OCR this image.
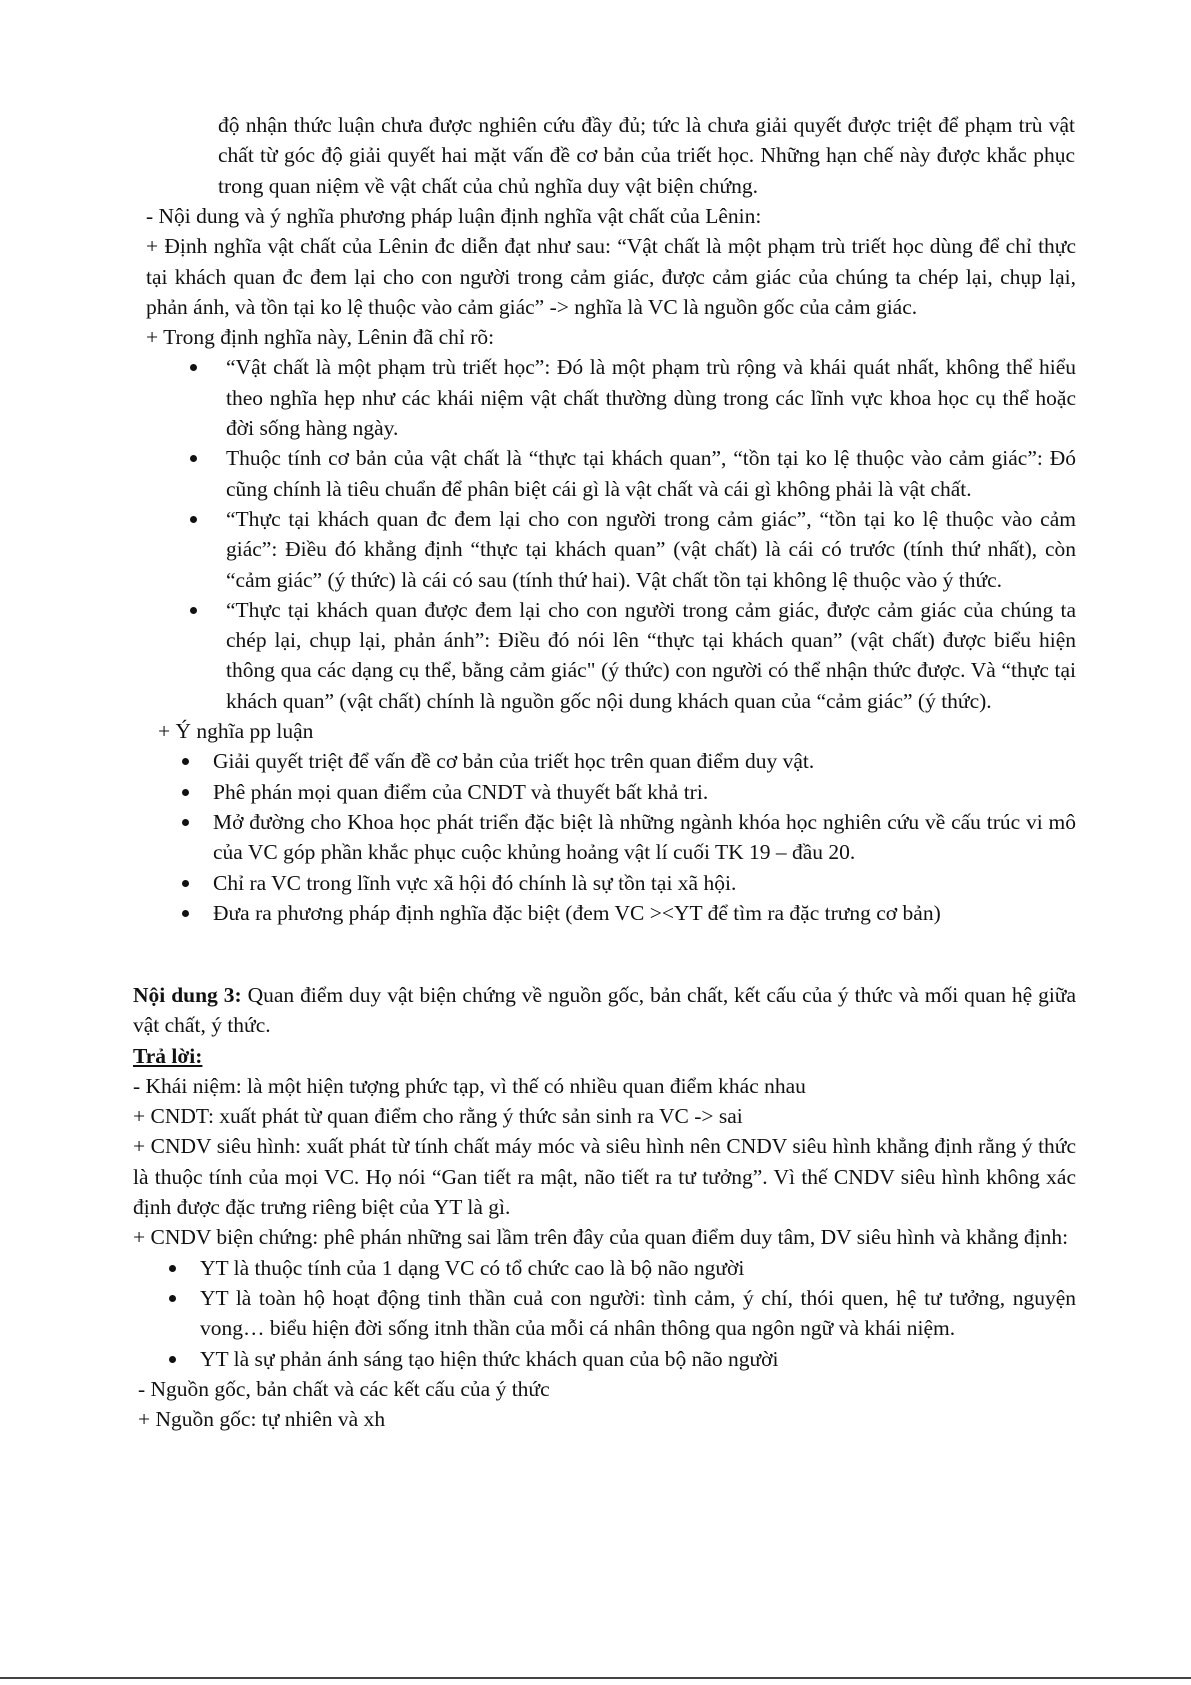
độ nhận thức luận chưa được nghiên cứu đầy đủ; tức là chưa giải quyết được triệt để phạm trù vật chất từ góc độ giải quyết hai mặt vấn đề cơ bản của triết học. Những hạn chế này được khắc phục trong quan niệm về vật chất của chủ nghĩa duy vật biện chứng.

- Nội dung và ý nghĩa phương pháp luận định nghĩa vật chất của Lênin:

+ Định nghĩa vật chất của Lênin đc diễn đạt như sau: “Vật chất là một phạm trù triết học dùng để chỉ thực tại khách quan đc đem lại cho con người trong cảm giác, được cảm giác của chúng ta chép lại, chụp lại, phản ánh, và tồn tại ko lệ thuộc vào cảm giác” -> nghĩa là VC là nguồn gốc của cảm giác.

+ Trong định nghĩa này, Lênin đã chỉ rõ:

“Vật chất là một phạm trù triết học”: Đó là một phạm trù rộng và khái quát nhất, không thể hiểu theo nghĩa hẹp như các khái niệm vật chất thường dùng trong các lĩnh vực khoa học cụ thể hoặc đời sống hàng ngày.
Thuộc tính cơ bản của vật chất là “thực tại khách quan”, “tồn tại ko lệ thuộc vào cảm giác”: Đó cũng chính là tiêu chuẩn để phân biệt cái gì là vật chất và cái gì không phải là vật chất.
“Thực tại khách quan đc đem lại cho con người trong cảm giác”, “tồn tại ko lệ thuộc vào cảm giác”: Điều đó khẳng định “thực tại khách quan” (vật chất) là cái có trước (tính thứ nhất), còn “cảm giác” (ý thức) là cái có sau (tính thứ hai). Vật chất tồn tại không lệ thuộc vào ý thức.
“Thực tại khách quan được đem lại cho con người trong cảm giác, được cảm giác của chúng ta chép lại, chụp lại, phản ánh”: Điều đó nói lên “thực tại khách quan” (vật chất) được biểu hiện thông qua các dạng cụ thể, bằng cảm giác" (ý thức) con người có thể nhận thức được. Và “thực tại khách quan” (vật chất) chính là nguồn gốc nội dung khách quan của “cảm giác” (ý thức).

+ Ý nghĩa pp luận

Giải quyết triệt để vấn đề cơ bản của triết học trên quan điểm duy vật.
Phê phán mọi quan điểm của CNDT và thuyết bất khả tri.
Mở đường cho Khoa học phát triển đặc biệt là những ngành khóa học nghiên cứu về cấu trúc vi mô của VC góp phần khắc phục cuộc khủng hoảng vật lí cuối TK 19 – đầu 20.
Chỉ ra VC trong lĩnh vực xã hội đó chính là sự tồn tại xã hội.
Đưa ra phương pháp định nghĩa đặc biệt (đem VC ><YT để tìm ra đặc trưng cơ bản)

Nội dung 3: Quan điểm duy vật biện chứng về nguồn gốc, bản chất, kết cấu của ý thức và mối quan hệ giữa vật chất, ý thức.

Trả lời:

- Khái niệm: là một hiện tượng phức tạp, vì thế có nhiều quan điểm khác nhau

+ CNDT: xuất phát từ quan điểm cho rằng ý thức sản sinh ra VC -> sai

+ CNDV siêu hình: xuất phát từ tính chất máy móc và siêu hình nên CNDV siêu hình khẳng định rằng ý thức là thuộc tính của mọi VC. Họ nói “Gan tiết ra mật, não tiết ra tư tưởng”. Vì thế CNDV siêu hình không xác định được đặc trưng riêng biệt của YT là gì.

+ CNDV biện chứng: phê phán những sai lầm trên đây của quan điểm duy tâm, DV siêu hình và khẳng định:

YT là thuộc tính của 1 dạng VC có tổ chức cao là bộ não người
YT là toàn hộ hoạt động tinh thần cuả con người: tình cảm, ý chí, thói quen, hệ tư tưởng, nguyện vong… biểu hiện đời sống itnh thần của mỗi cá nhân thông qua ngôn ngữ và khái niệm.
YT là sự phản ánh sáng tạo hiện thức khách quan của bộ não người

- Nguồn gốc, bản chất và các kết cấu của ý thức

+ Nguồn gốc: tự nhiên và xh
